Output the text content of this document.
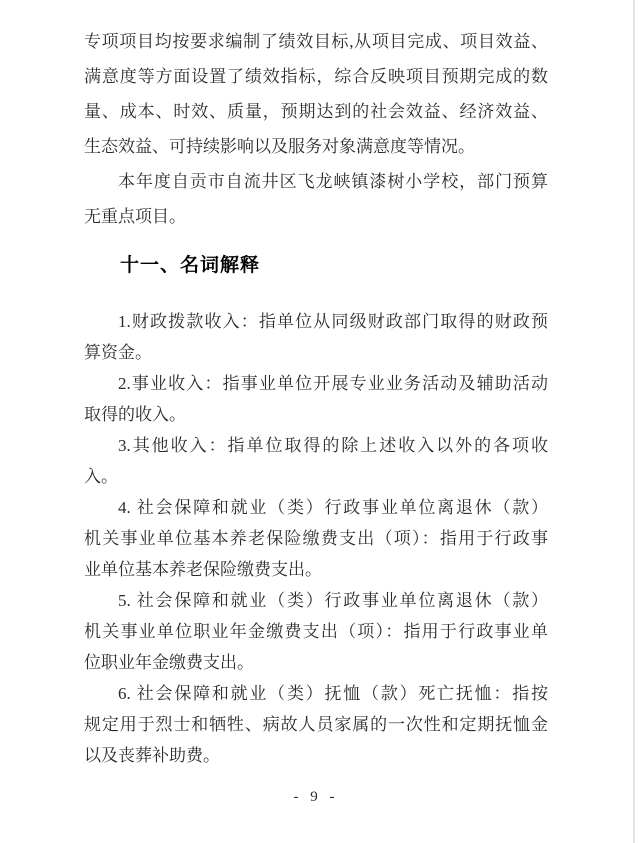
专项项目均按要求编制了绩效目标,从项目完成、项目效益、
满意度等方面设置了绩效指标，综合反映项目预期完成的数
量、成本、时效、质量，预期达到的社会效益、经济效益、
生态效益、可持续影响以及服务对象满意度等情况。
本年度自贡市自流井区飞龙峡镇漆树小学校，部门预算
无重点项目。
十一、名词解释
1.财政拨款收入：指单位从同级财政部门取得的财政预
算资金。
2.事业收入：指事业单位开展专业业务活动及辅助活动
取得的收入。
3.其他收入：指单位取得的除上述收入以外的各项收
入。
4. 社会保障和就业（类）行政事业单位离退休（款）
机关事业单位基本养老保险缴费支出（项）：指用于行政事
业单位基本养老保险缴费支出。
5. 社会保障和就业（类）行政事业单位离退休（款）
机关事业单位职业年金缴费支出（项）：指用于行政事业单
位职业年金缴费支出。
6. 社会保障和就业（类）抚恤（款）死亡抚恤：指按
规定用于烈士和牺牲、病故人员家属的一次性和定期抚恤金
以及丧葬补助费。
- 9 -
